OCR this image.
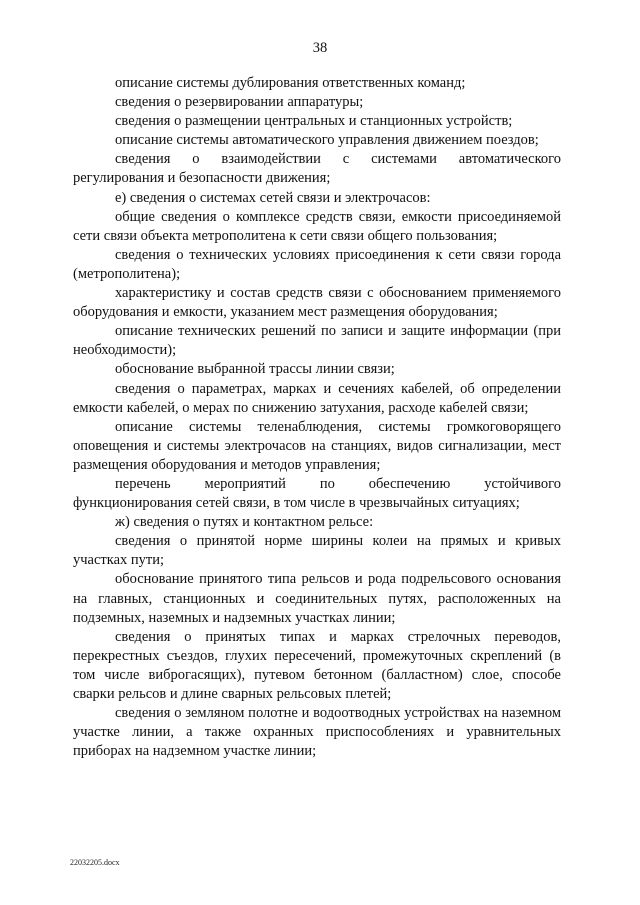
38

описание системы дублирования ответственных команд;

сведения о резервировании аппаратуры;

сведения о размещении центральных и станционных устройств;

описание системы автоматического управления движением поездов;

сведения о взаимодействии с системами автоматического регулирования и безопасности движения;

е) сведения о системах сетей связи и электрочасов:

общие сведения о комплексе средств связи, емкости присоединяемой сети связи объекта метрополитена к сети связи общего пользования;

сведения о технических условиях присоединения к сети связи города (метрополитена);

характеристику и состав средств связи с обоснованием применяемого оборудования и емкости, указанием мест размещения оборудования;

описание технических решений по записи и защите информации (при необходимости);

обоснование выбранной трассы линии связи;

сведения о параметрах, марках и сечениях кабелей, об определении емкости кабелей, о мерах по снижению затухания, расходе кабелей связи;

описание системы теленаблюдения, системы громкоговорящего оповещения и системы электрочасов на станциях, видов сигнализации, мест размещения оборудования и методов управления;

перечень мероприятий по обеспечению устойчивого функционирования сетей связи, в том числе в чрезвычайных ситуациях;

ж) сведения о путях и контактном рельсе:

сведения о принятой норме ширины колеи на прямых и кривых участках пути;

обоснование принятого типа рельсов и рода подрельсового основания на главных, станционных и соединительных путях, расположенных на подземных, наземных и надземных участках линии;

сведения о принятых типах и марках стрелочных переводов, перекрестных съездов, глухих пересечений, промежуточных скреплений (в том числе виброгасящих), путевом бетонном (балластном) слое, способе сварки рельсов и длине сварных рельсовых плетей;

сведения о земляном полотне и водоотводных устройствах на наземном участке линии, а также охранных приспособлениях и уравнительных приборах на надземном участке линии;

22032205.docx
